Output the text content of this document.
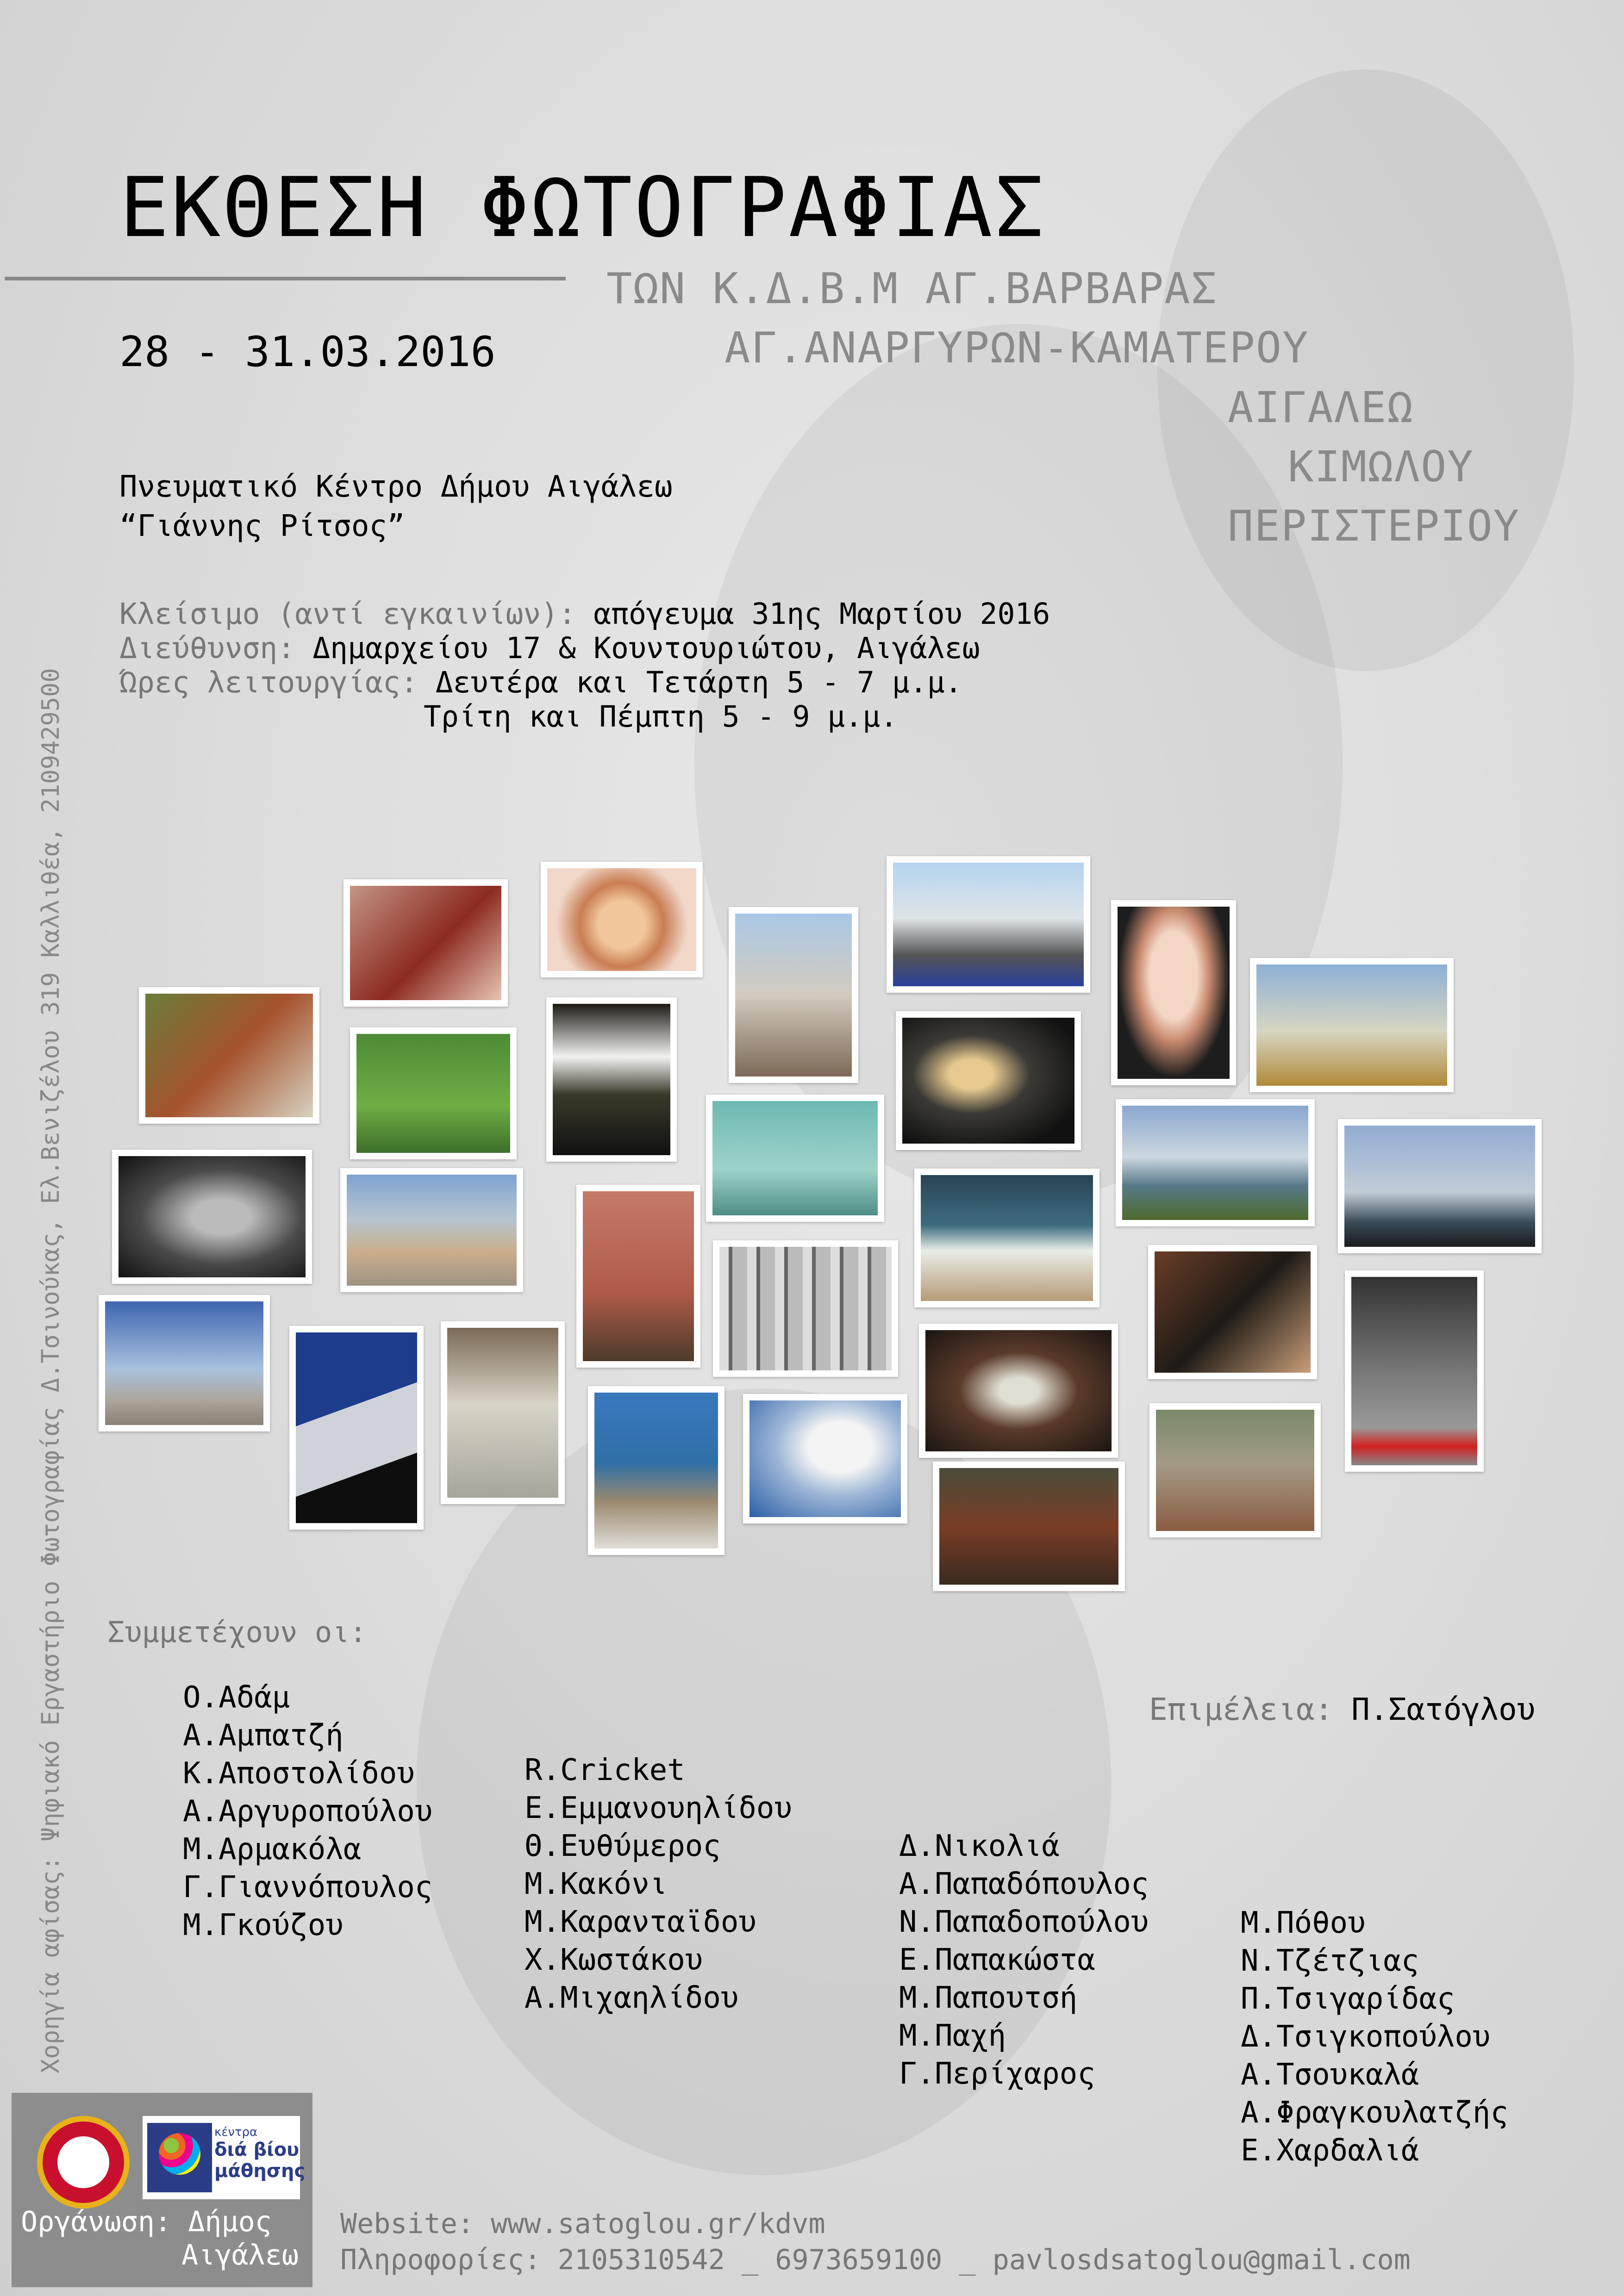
ΕΚΘΕΣΗ ΦΩΤΟΓΡΑΦΙΑΣ
28 - 31.03.2016
ΤΩΝ Κ.Δ.Β.Μ ΑΓ.ΒΑΡΒΑΡΑΣ
ΑΓ.ΑΝΑΡΓΥΡΩΝ-ΚΑΜΑΤΕΡΟΥ
ΑΙΓΑΛΕΩ
ΚΙΜΩΛΟΥ
ΠΕΡΙΣΤΕΡΙΟΥ
Πνευματικό Κέντρο Δήμου Αιγάλεω
“Γιάννης Ρίτσος”
Κλείσιμο (αντί εγκαινίων): απόγευμα 31ης Μαρτίου 2016
Διεύθυνση: Δημαρχείου 17 & Κουντουριώτου, Αιγάλεω
Ώρες λειτουργίας: Δευτέρα και Τετάρτη 5 - 7 μ.μ.
Τρίτη και Πέμπτη 5 - 9 μ.μ.
Χορηγία αφίσας: Ψηφιακό Εργαστήριο Φωτογραφίας Δ.Τσινούκας, Ελ.Βενιζέλου 319 Καλλιθέα, 2109429500 Συμμετέχουν οι:
Ο.Αδάμ
Α.Αμπατζή
Κ.Αποστολίδου
Α.Αργυροπούλου
Μ.Αρμακόλα
Γ.Γιαννόπουλος
Μ.Γκούζου
R.Cricket
Ε.Εμμανουηλίδου
Θ.Ευθύμερος
Μ.Κακόνι
Μ.Καρανταϊδου
Χ.Κωστάκου
Α.Μιχαηλίδου
Δ.Νικολιά
Α.Παπαδόπουλος
Ν.Παπαδοπούλου
Ε.Παπακώστα
Μ.Παπουτσή
Μ.Παχή
Γ.Περίχαρος
Μ.Πόθου
Ν.Τζέτζιας
Π.Τσιγαρίδας
Δ.Τσιγκοπούλου
Α.Τσουκαλά
Α.Φραγκουλατζής
Ε.Χαρδαλιά
Επιμέλεια: Π.Σατόγλου
κέντρα
διά βίου
μάθησης
Οργάνωση: Δήμος
Αιγάλεω
Website: www.satoglou.gr/kdvm
Πληροφορίες: 2105310542 _ 6973659100 _ pavlosdsatoglou@gmail.com
